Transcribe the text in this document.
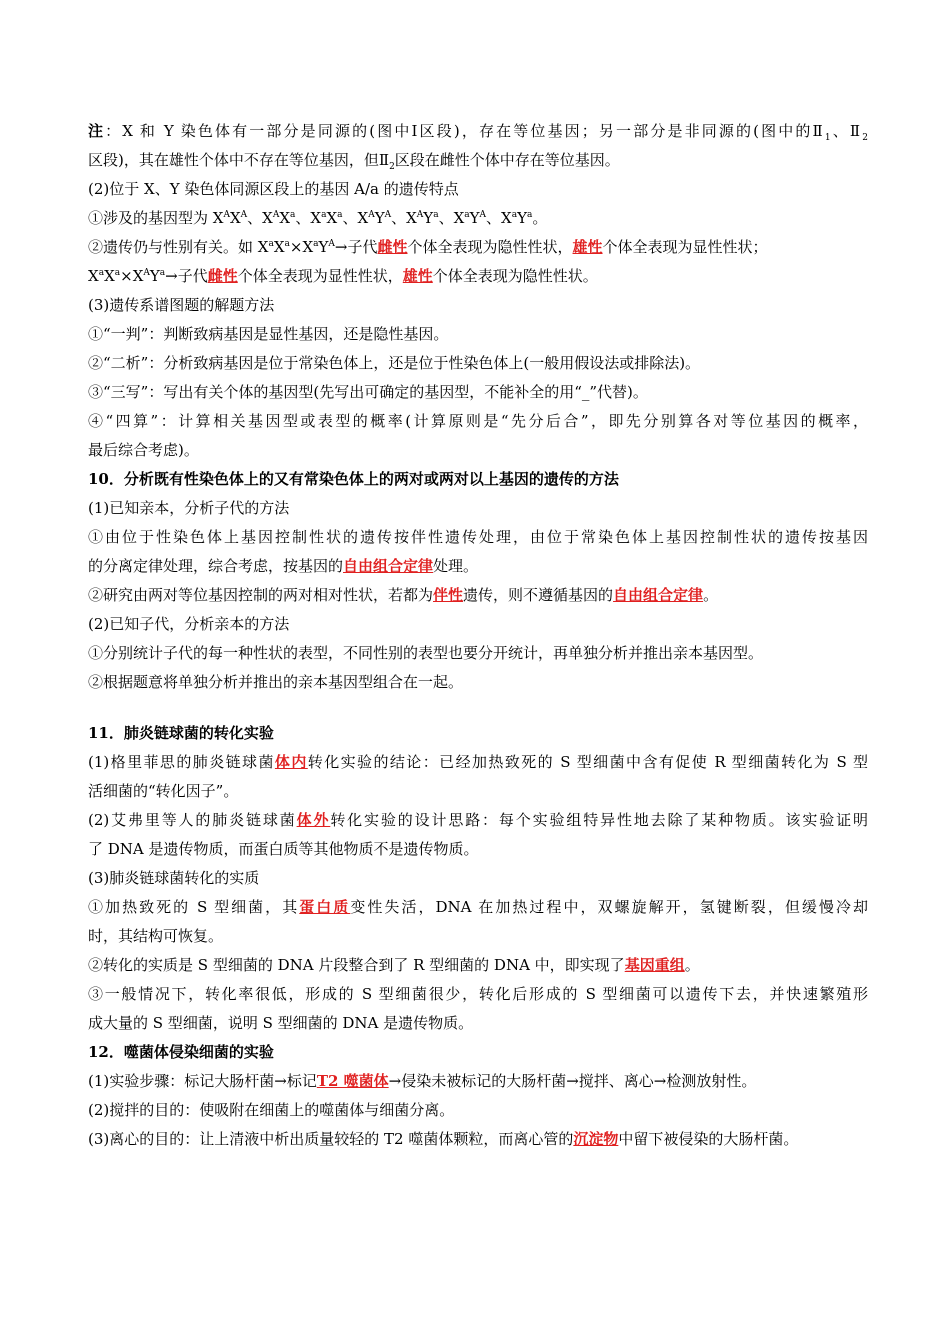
注：X 和 Y 染色体有一部分是同源的(图中Ⅰ区段)，存在等位基因；另一部分是非同源的(图中的$Ⅱ_1$、$Ⅱ_2$
区段)，其在雄性个体中不存在等位基因，但$Ⅱ_2$区段在雌性个体中存在等位基因。
(2)位于 X、Y 染色体同源区段上的基因 A/a 的遗传特点
①涉及的基因型为 $X^AX^A$、$X^AX^a$、$X^aX^a$、$X^AY^A$、$X^AY^a$、$X^aY^A$、$X^aY^a$。
②遗传仍与性别有关。如 $X^aX^a\times X^aY^A\to$子代雌性个体全表现为隐性性状，雄性个体全表现为显性性状；
$X^aX^a\times X^AY^a\to$子代雌性个体全表现为显性性状，雄性个体全表现为隐性性状。
(3)遗传系谱图题的解题方法
①“一判”：判断致病基因是显性基因，还是隐性基因。
②“二析”：分析致病基因是位于常染色体上，还是位于性染色体上(一般用假设法或排除法)。
③“三写”：写出有关个体的基因型(先写出可确定的基因型，不能补全的用“_”代替)。
④“四算”：计算相关基因型或表型的概率(计算原则是“先分后合”，即先分别算各对等位基因的概率，
最后综合考虑)。
10．分析既有性染色体上的又有常染色体上的两对或两对以上基因的遗传的方法
(1)已知亲本，分析子代的方法
①由位于性染色体上基因控制性状的遗传按伴性遗传处理，由位于常染色体上基因控制性状的遗传按基因
的分离定律处理，综合考虑，按基因的自由组合定律处理。
②研究由两对等位基因控制的两对相对性状，若都为伴性遗传，则不遵循基因的自由组合定律。
(2)已知子代，分析亲本的方法
①分别统计子代的每一种性状的表型，不同性别的表型也要分开统计，再单独分析并推出亲本基因型。
②根据题意将单独分析并推出的亲本基因型组合在一起。
11．肺炎链球菌的转化实验
(1)格里菲思的肺炎链球菌体内转化实验的结论：已经加热致死的 S 型细菌中含有促使 R 型细菌转化为 S 型
活细菌的“转化因子”。
(2)艾弗里等人的肺炎链球菌体外转化实验的设计思路：每个实验组特异性地去除了某种物质。该实验证明
了 DNA 是遗传物质，而蛋白质等其他物质不是遗传物质。
(3)肺炎链球菌转化的实质
①加热致死的 S 型细菌，其蛋白质变性失活，DNA 在加热过程中，双螺旋解开，氢键断裂，但缓慢冷却
时，其结构可恢复。
②转化的实质是 S 型细菌的 DNA 片段整合到了 R 型细菌的 DNA 中，即实现了基因重组。
③一般情况下，转化率很低，形成的 S 型细菌很少，转化后形成的 S 型细菌可以遗传下去，并快速繁殖形
成大量的 S 型细菌，说明 S 型细菌的 DNA 是遗传物质。
12．噬菌体侵染细菌的实验
(1)实验步骤：标记大肠杆菌→标记T2 噬菌体→侵染未被标记的大肠杆菌→搅拌、离心→检测放射性。
(2)搅拌的目的：使吸附在细菌上的噬菌体与细菌分离。
(3)离心的目的：让上清液中析出质量较轻的 T2 噬菌体颗粒，而离心管的沉淀物中留下被侵染的大肠杆菌。
